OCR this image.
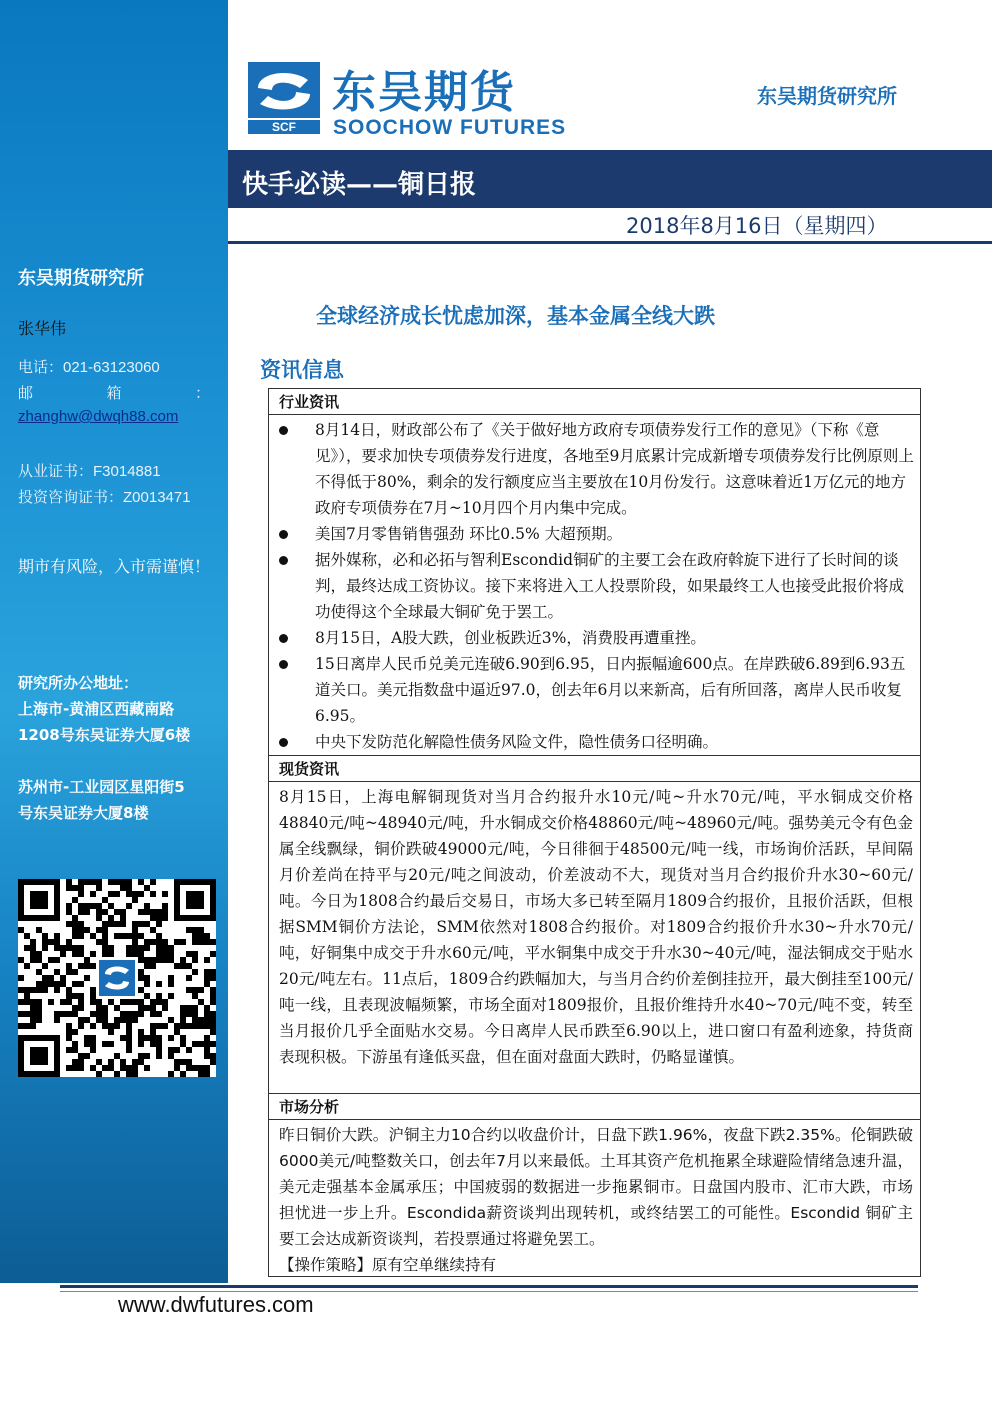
东吴期货研究所
张华伟
电话：021-63123060
邮	箱	：
zhanghw@dwqh88.com
从业证书：F3014881
投资咨询证书：Z0013471
期市有风险，入市需谨慎！
研究所办公地址：
上海市-黄浦区西藏南路
1208号东吴证券大厦6楼
苏州市-工业园区星阳街5
号东吴证券大厦8楼
SCF
东吴期货
SOOCHOW FUTURES
东吴期货研究所
快手必读——铜日报
2018年8月16日（星期四）
全球经济成长忧虑加深，基本金属全线大跌
资讯信息
行业资讯
8月14日，财政部公布了《关于做好地方政府专项债券发行工作的意见》（下称《意见》），要求加快专项债券发行进度，各地至9月底累计完成新增专项债券发行比例原则上不得低于80%，剩余的发行额度应当主要放在10月份发行。这意味着近1万亿元的地方政府专项债券在7月~10月四个月内集中完成。
美国7月零售销售强劲 环比0.5% 大超预期。
据外媒称，必和必拓与智利Escondid铜矿的主要工会在政府斡旋下进行了长时间的谈判，最终达成工资协议。接下来将进入工人投票阶段，如果最终工人也接受此报价将成功使得这个全球最大铜矿免于罢工。
8月15日，A股大跌，创业板跌近3%，消费股再遭重挫。
15日离岸人民币兑美元连破6.90到6.95，日内振幅逾600点。在岸跌破6.89到6.93五道关口。美元指数盘中逼近97.0，创去年6月以来新高，后有所回落，离岸人民币收复6.95。
中央下发防范化解隐性债务风险文件，隐性债务口径明确。
现货资讯

8月15日，上海电解铜现货对当月合约报升水10元/吨~升水70元/吨，平水铜成交价格48840元/吨~48940元/吨，升水铜成交价格48860元/吨~48960元/吨。强势美元令有色金属全线飘绿，铜价跌破49000元/吨，今日徘徊于48500元/吨一线，市场询价活跃，早间隔月价差尚在持平与20元/吨之间波动，价差波动不大，现货对当月合约报价升水30~60元/吨。今日为1808合约最后交易日，市场大多已转至隔月1809合约报价，且报价活跃，但根据SMM铜价方法论，SMM依然对1808合约报价。对1809合约报价升水30~升水70元/吨，好铜集中成交于升水60元/吨，平水铜集中成交于升水30~40元/吨，湿法铜成交于贴水20元/吨左右。11点后，1809合约跌幅加大，与当月合约价差倒挂拉开，最大倒挂至100元/吨一线，且表现波幅频繁，市场全面对1809报价，且报价维持升水40~70元/吨不变，转至当月报价几乎全面贴水交易。今日离岸人民币跌至6.90以上，进口窗口有盈利迹象，持货商表现积极。下游虽有逢低买盘，但在面对盘面大跌时，仍略显谨慎。

市场分析

昨日铜价大跌。沪铜主力10合约以收盘价计，日盘下跌1.96%，夜盘下跌2.35%。伦铜跌破6000美元/吨整数关口，创去年7月以来最低。土耳其资产危机拖累全球避险情绪急速升温，美元走强基本金属承压；中国疲弱的数据进一步拖累铜市。日盘国内股市、汇市大跌，市场担忧进一步上升。Escondida薪资谈判出现转机，或终结罢工的可能性。Escondid 铜矿主要工会达成新资谈判，若投票通过将避免罢工。

【操作策略】原有空单继续持有

www.dwfutures.com
